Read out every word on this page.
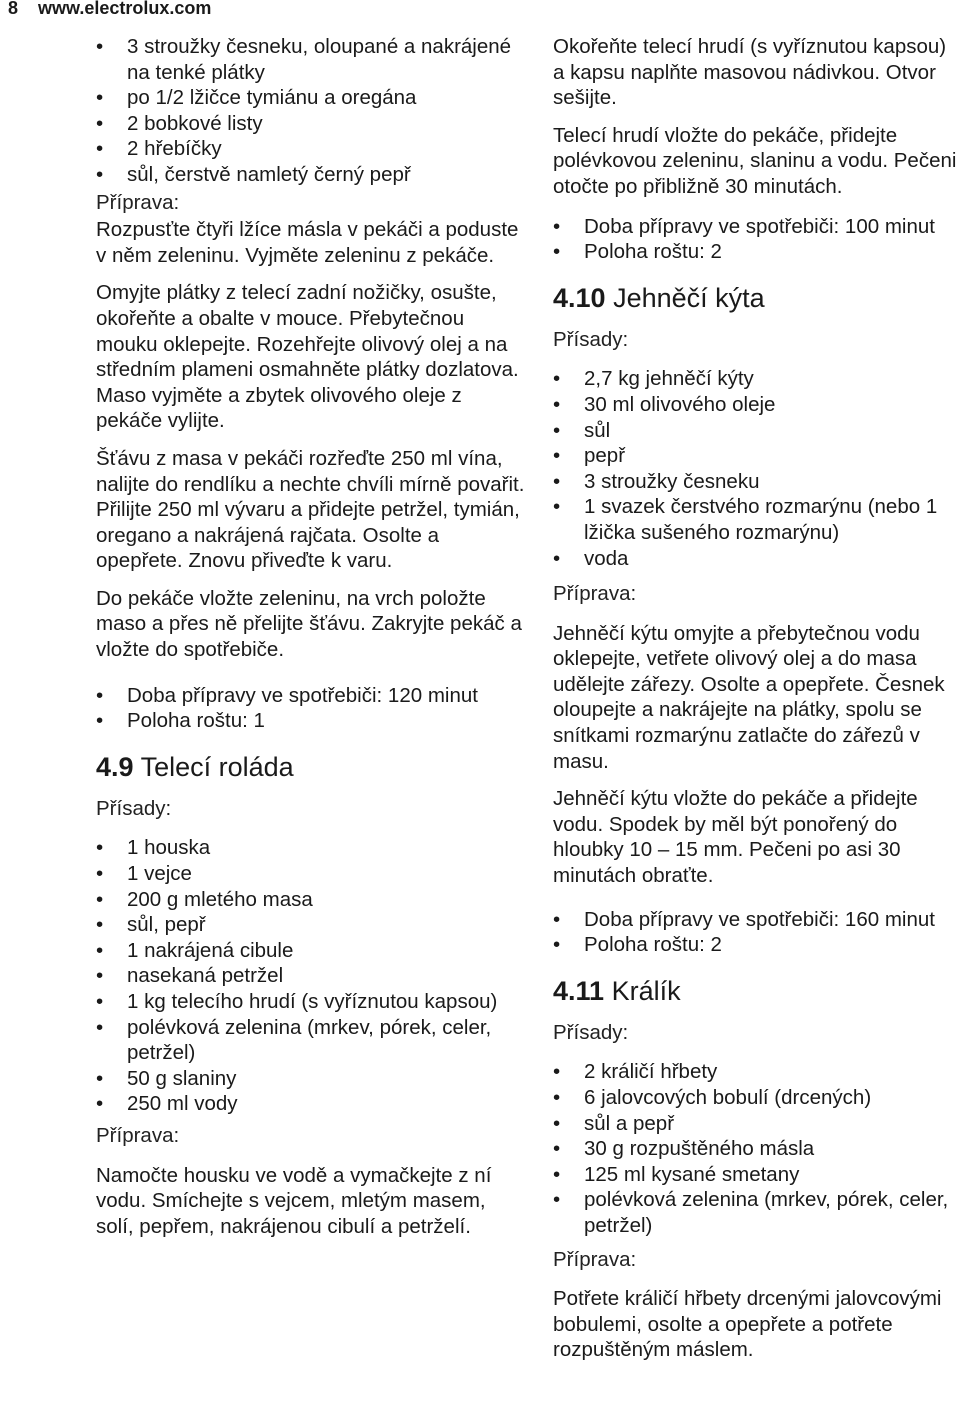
8 www.electrolux.com
• 3 stroužky česneku, oloupané a nakrájené na tenké plátky
• po 1/2 lžičce tymiánu a oregána
• 2 bobkové listy
• 2 hřebíčky
• sůl, čerstvě namletý černý pepř

Příprava:

Rozpusťte čtyři lžíce másla v pekáči a poduste v něm zeleninu. Vyjměte zeleninu z pekáče.

Omyjte plátky z telecí zadní nožičky, osušte, okořeňte a obalte v mouce. Přebytečnou mouku oklepejte. Rozehřejte olivový olej a na středním plameni osmahněte plátky dozlatova. Maso vyjměte a zbytek olivového oleje z pekáče vylijte.

Šťávu z masa v pekáči rozřeďte 250 ml vína, nalijte do rendlíku a nechte chvíli mírně povařit. Přilijte 250 ml vývaru a přidejte petržel, tymián, oregano a nakrájená rajčata. Osolte a opepřete. Znovu přiveďte k varu.

Do pekáče vložte zeleninu, na vrch položte maso a přes ně přelijte šťávu. Zakryjte pekáč a vložte do spotřebiče.

• Doba přípravy ve spotřebiči: 120 minut
• Poloha roštu: 1
4.9 Telecí roláda

Přísady:

• 1 houska
• 1 vejce
• 200 g mletého masa
• sůl, pepř
• 1 nakrájená cibule
• nasekaná petržel
• 1 kg telecího hrudí (s vyříznutou kapsou)
• polévková zelenina (mrkev, pórek, celer, petržel)
• 50 g slaniny
• 250 ml vody

Příprava:

Namočte housku ve vodě a vymačkejte z ní vodu. Smíchejte s vejcem, mletým masem, solí, pepřem, nakrájenou cibulí a petrželí.

Okořeňte telecí hrudí (s vyříznutou kapsou) a kapsu naplňte masovou nádivkou. Otvor sešijte.

Telecí hrudí vložte do pekáče, přidejte polévkovou zeleninu, slaninu a vodu. Pečeni otočte po přibližně 30 minutách.

• Doba přípravy ve spotřebiči: 100 minut
• Poloha roštu: 2
4.10 Jehněčí kýta

Přísady:

• 2,7 kg jehněčí kýty
• 30 ml olivového oleje
• sůl
• pepř
• 3 stroužky česneku
• 1 svazek čerstvého rozmarýnu (nebo 1 lžička sušeného rozmarýnu)
• voda

Příprava:

Jehněčí kýtu omyjte a přebytečnou vodu oklepejte, vetřete olivový olej a do masa udělejte zářezy. Osolte a opepřete. Česnek oloupejte a nakrájejte na plátky, spolu se snítkami rozmarýnu zatlačte do zářezů v masu.

Jehněčí kýtu vložte do pekáče a přidejte vodu. Spodek by měl být ponořený do hloubky 10 – 15 mm. Pečeni po asi 30 minutách obraťte.

• Doba přípravy ve spotřebiči: 160 minut
• Poloha roštu: 2
4.11 Králík

Přísady:

• 2 králičí hřbety
• 6 jalovcových bobulí (drcených)
• sůl a pepř
• 30 g rozpuštěného másla
• 125 ml kysané smetany
• polévková zelenina (mrkev, pórek, celer, petržel)

Příprava:

Potřete králičí hřbety drcenými jalovcovými bobulemi, osolte a opepřete a potřete rozpuštěným máslem.
